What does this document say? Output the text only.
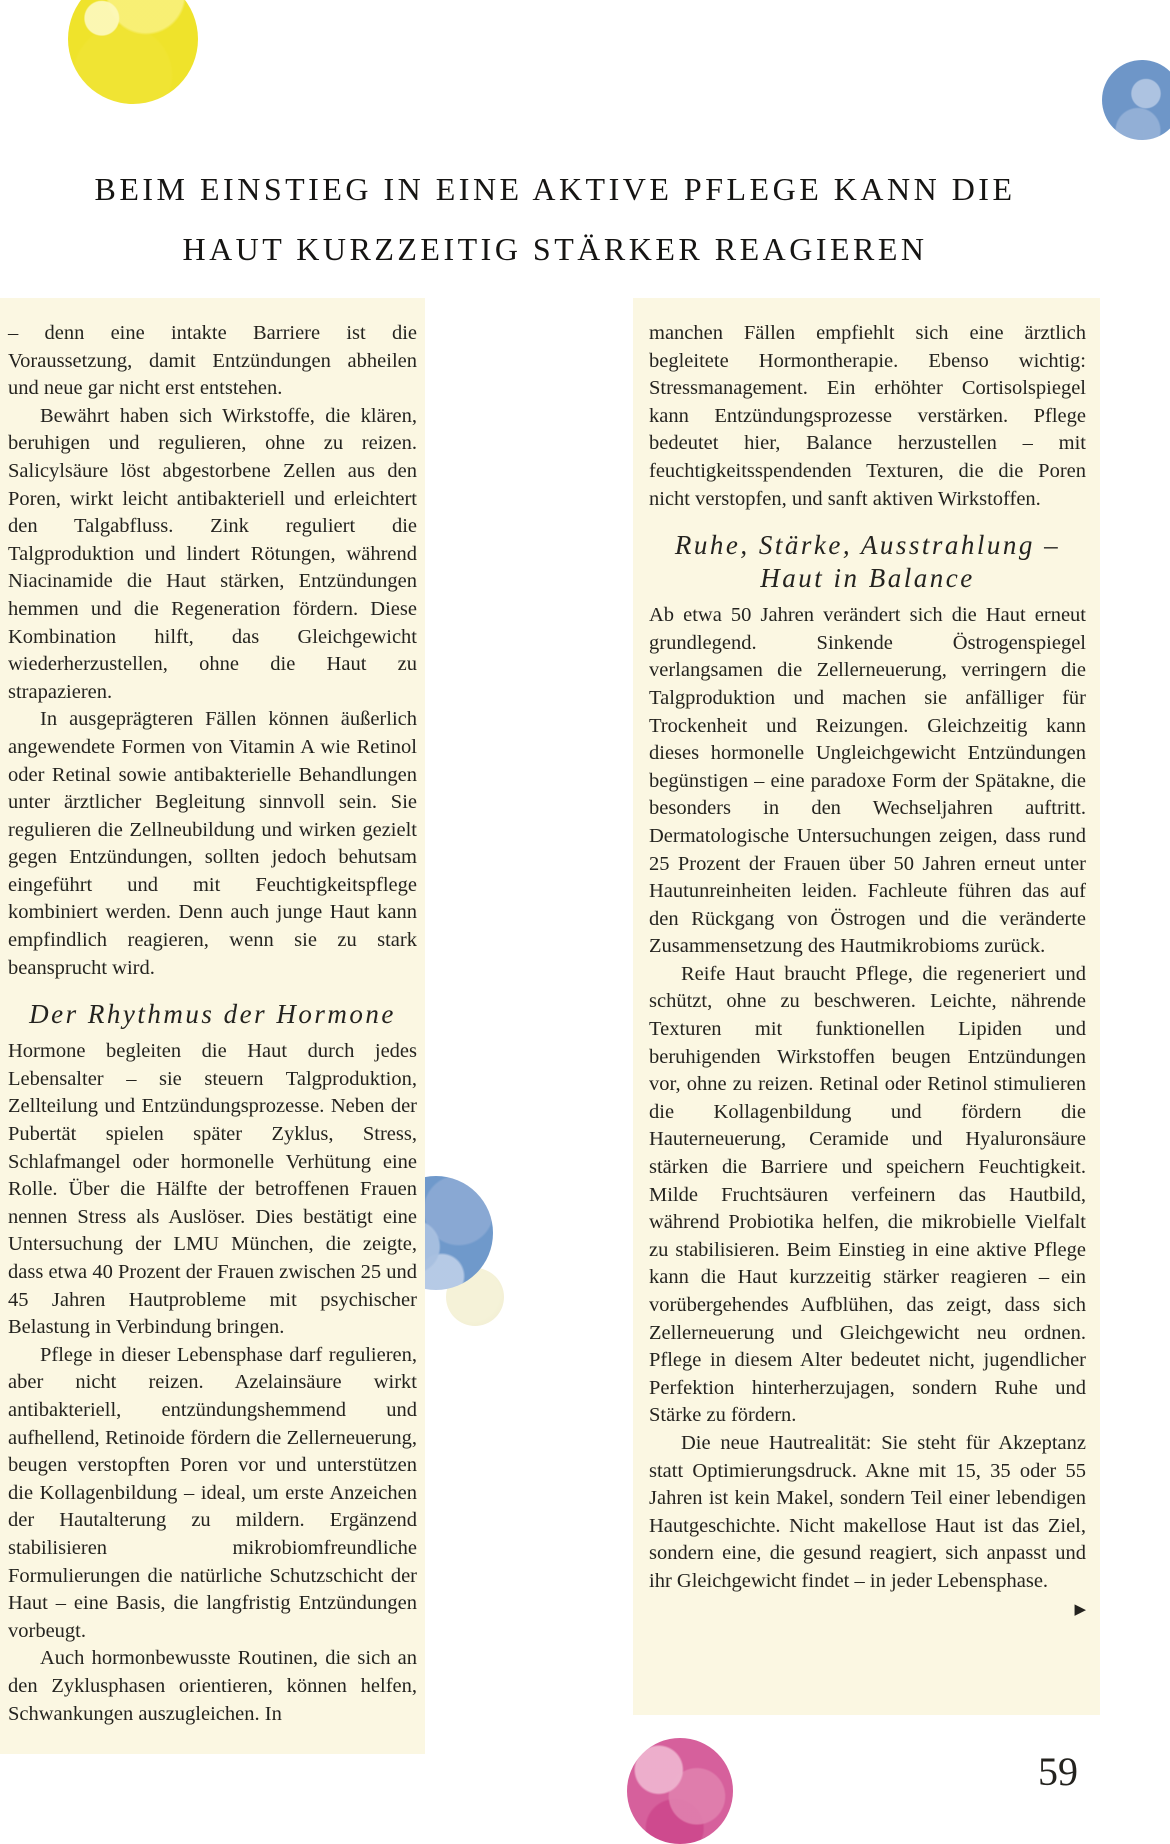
BEIM EINSTIEG IN EINE AKTIVE PFLEGE KANN DIE
HAUT KURZZEITIG STÄRKER REAGIEREN

– denn eine intakte Barriere ist die Voraussetzung, damit Entzündungen abheilen und neue gar nicht erst entstehen.

Bewährt haben sich Wirkstoffe, die klären, beruhigen und regulieren, ohne zu reizen. Salicylsäure löst abgestorbene Zellen aus den Poren, wirkt leicht antibakteriell und erleichtert den Talgabfluss. Zink reguliert die Talgproduktion und lindert Rötungen, während Niacinamide die Haut stärken, Entzündungen hemmen und die Regeneration fördern. Diese Kombination hilft, das Gleichgewicht wiederherzustellen, ohne die Haut zu strapazieren.

In ausgeprägteren Fällen können äußerlich angewendete Formen von Vitamin A wie Retinol oder Retinal sowie antibakterielle Behandlungen unter ärztlicher Begleitung sinnvoll sein. Sie regulieren die Zellneubildung und wirken gezielt gegen Entzündungen, sollten jedoch behutsam eingeführt und mit Feuchtigkeitspflege kombiniert werden. Denn auch junge Haut kann empfindlich reagieren, wenn sie zu stark beansprucht wird.

Der Rhythmus der Hormone

Hormone begleiten die Haut durch jedes Lebensalter – sie steuern Talgproduktion, Zellteilung und Entzündungsprozesse. Neben der Pubertät spielen später Zyklus, Stress, Schlafmangel oder hormonelle Verhütung eine Rolle. Über die Hälfte der betroffenen Frauen nennen Stress als Auslöser. Dies bestätigt eine Untersuchung der LMU München, die zeigte, dass etwa 40 Prozent der Frauen zwischen 25 und 45 Jahren Hautprobleme mit psychischer Belastung in Verbindung bringen.

Pflege in dieser Lebensphase darf regulieren, aber nicht reizen. Azelainsäure wirkt antibakteriell, entzündungshemmend und aufhellend, Retinoide fördern die Zellerneuerung, beugen verstopften Poren vor und unterstützen die Kollagenbildung – ideal, um erste Anzeichen der Hautalterung zu mildern. Ergänzend stabilisieren mikrobiomfreundliche Formulierungen die natürliche Schutzschicht der Haut – eine Basis, die langfristig Entzündungen vorbeugt.

Auch hormonbewusste Routinen, die sich an den Zyklusphasen orientieren, können helfen, Schwankungen auszugleichen. In

manchen Fällen empfiehlt sich eine ärztlich begleitete Hormontherapie. Ebenso wichtig: Stressmanagement. Ein erhöhter Cortisolspiegel kann Entzündungsprozesse verstärken. Pflege bedeutet hier, Balance herzustellen – mit feuchtigkeitsspendenden Texturen, die die Poren nicht verstopfen, und sanft aktiven Wirkstoffen.

Ruhe, Stärke, Ausstrahlung –
Haut in Balance

Ab etwa 50 Jahren verändert sich die Haut erneut grundlegend. Sinkende Östrogenspiegel verlangsamen die Zellerneuerung, verringern die Talgproduktion und machen sie anfälliger für Trockenheit und Reizungen. Gleichzeitig kann dieses hormonelle Ungleichgewicht Entzündungen begünstigen – eine paradoxe Form der Spätakne, die besonders in den Wechseljahren auftritt. Dermatologische Untersuchungen zeigen, dass rund 25 Prozent der Frauen über 50 Jahren erneut unter Hautunreinheiten leiden. Fachleute führen das auf den Rückgang von Östrogen und die veränderte Zusammensetzung des Hautmikrobioms zurück.

Reife Haut braucht Pflege, die regeneriert und schützt, ohne zu beschweren. Leichte, nährende Texturen mit funktionellen Lipiden und beruhigenden Wirkstoffen beugen Entzündungen vor, ohne zu reizen. Retinal oder Retinol stimulieren die Kollagenbildung und fördern die Hauterneuerung, Ceramide und Hyaluronsäure stärken die Barriere und speichern Feuchtigkeit. Milde Fruchtsäuren verfeinern das Hautbild, während Probiotika helfen, die mikrobielle Vielfalt zu stabilisieren. Beim Einstieg in eine aktive Pflege kann die Haut kurzzeitig stärker reagieren – ein vorübergehendes Aufblühen, das zeigt, dass sich Zellerneuerung und Gleichgewicht neu ordnen. Pflege in diesem Alter bedeutet nicht, jugendlicher Perfektion hinterherzujagen, sondern Ruhe und Stärke zu fördern.

Die neue Hautrealität: Sie steht für Akzeptanz statt Optimierungsdruck. Akne mit 15, 35 oder 55 Jahren ist kein Makel, sondern Teil einer lebendigen Hautgeschichte. Nicht makellose Haut ist das Ziel, sondern eine, die gesund reagiert, sich anpasst und ihr Gleichgewicht findet – in jeder Lebensphase.
▶

59
